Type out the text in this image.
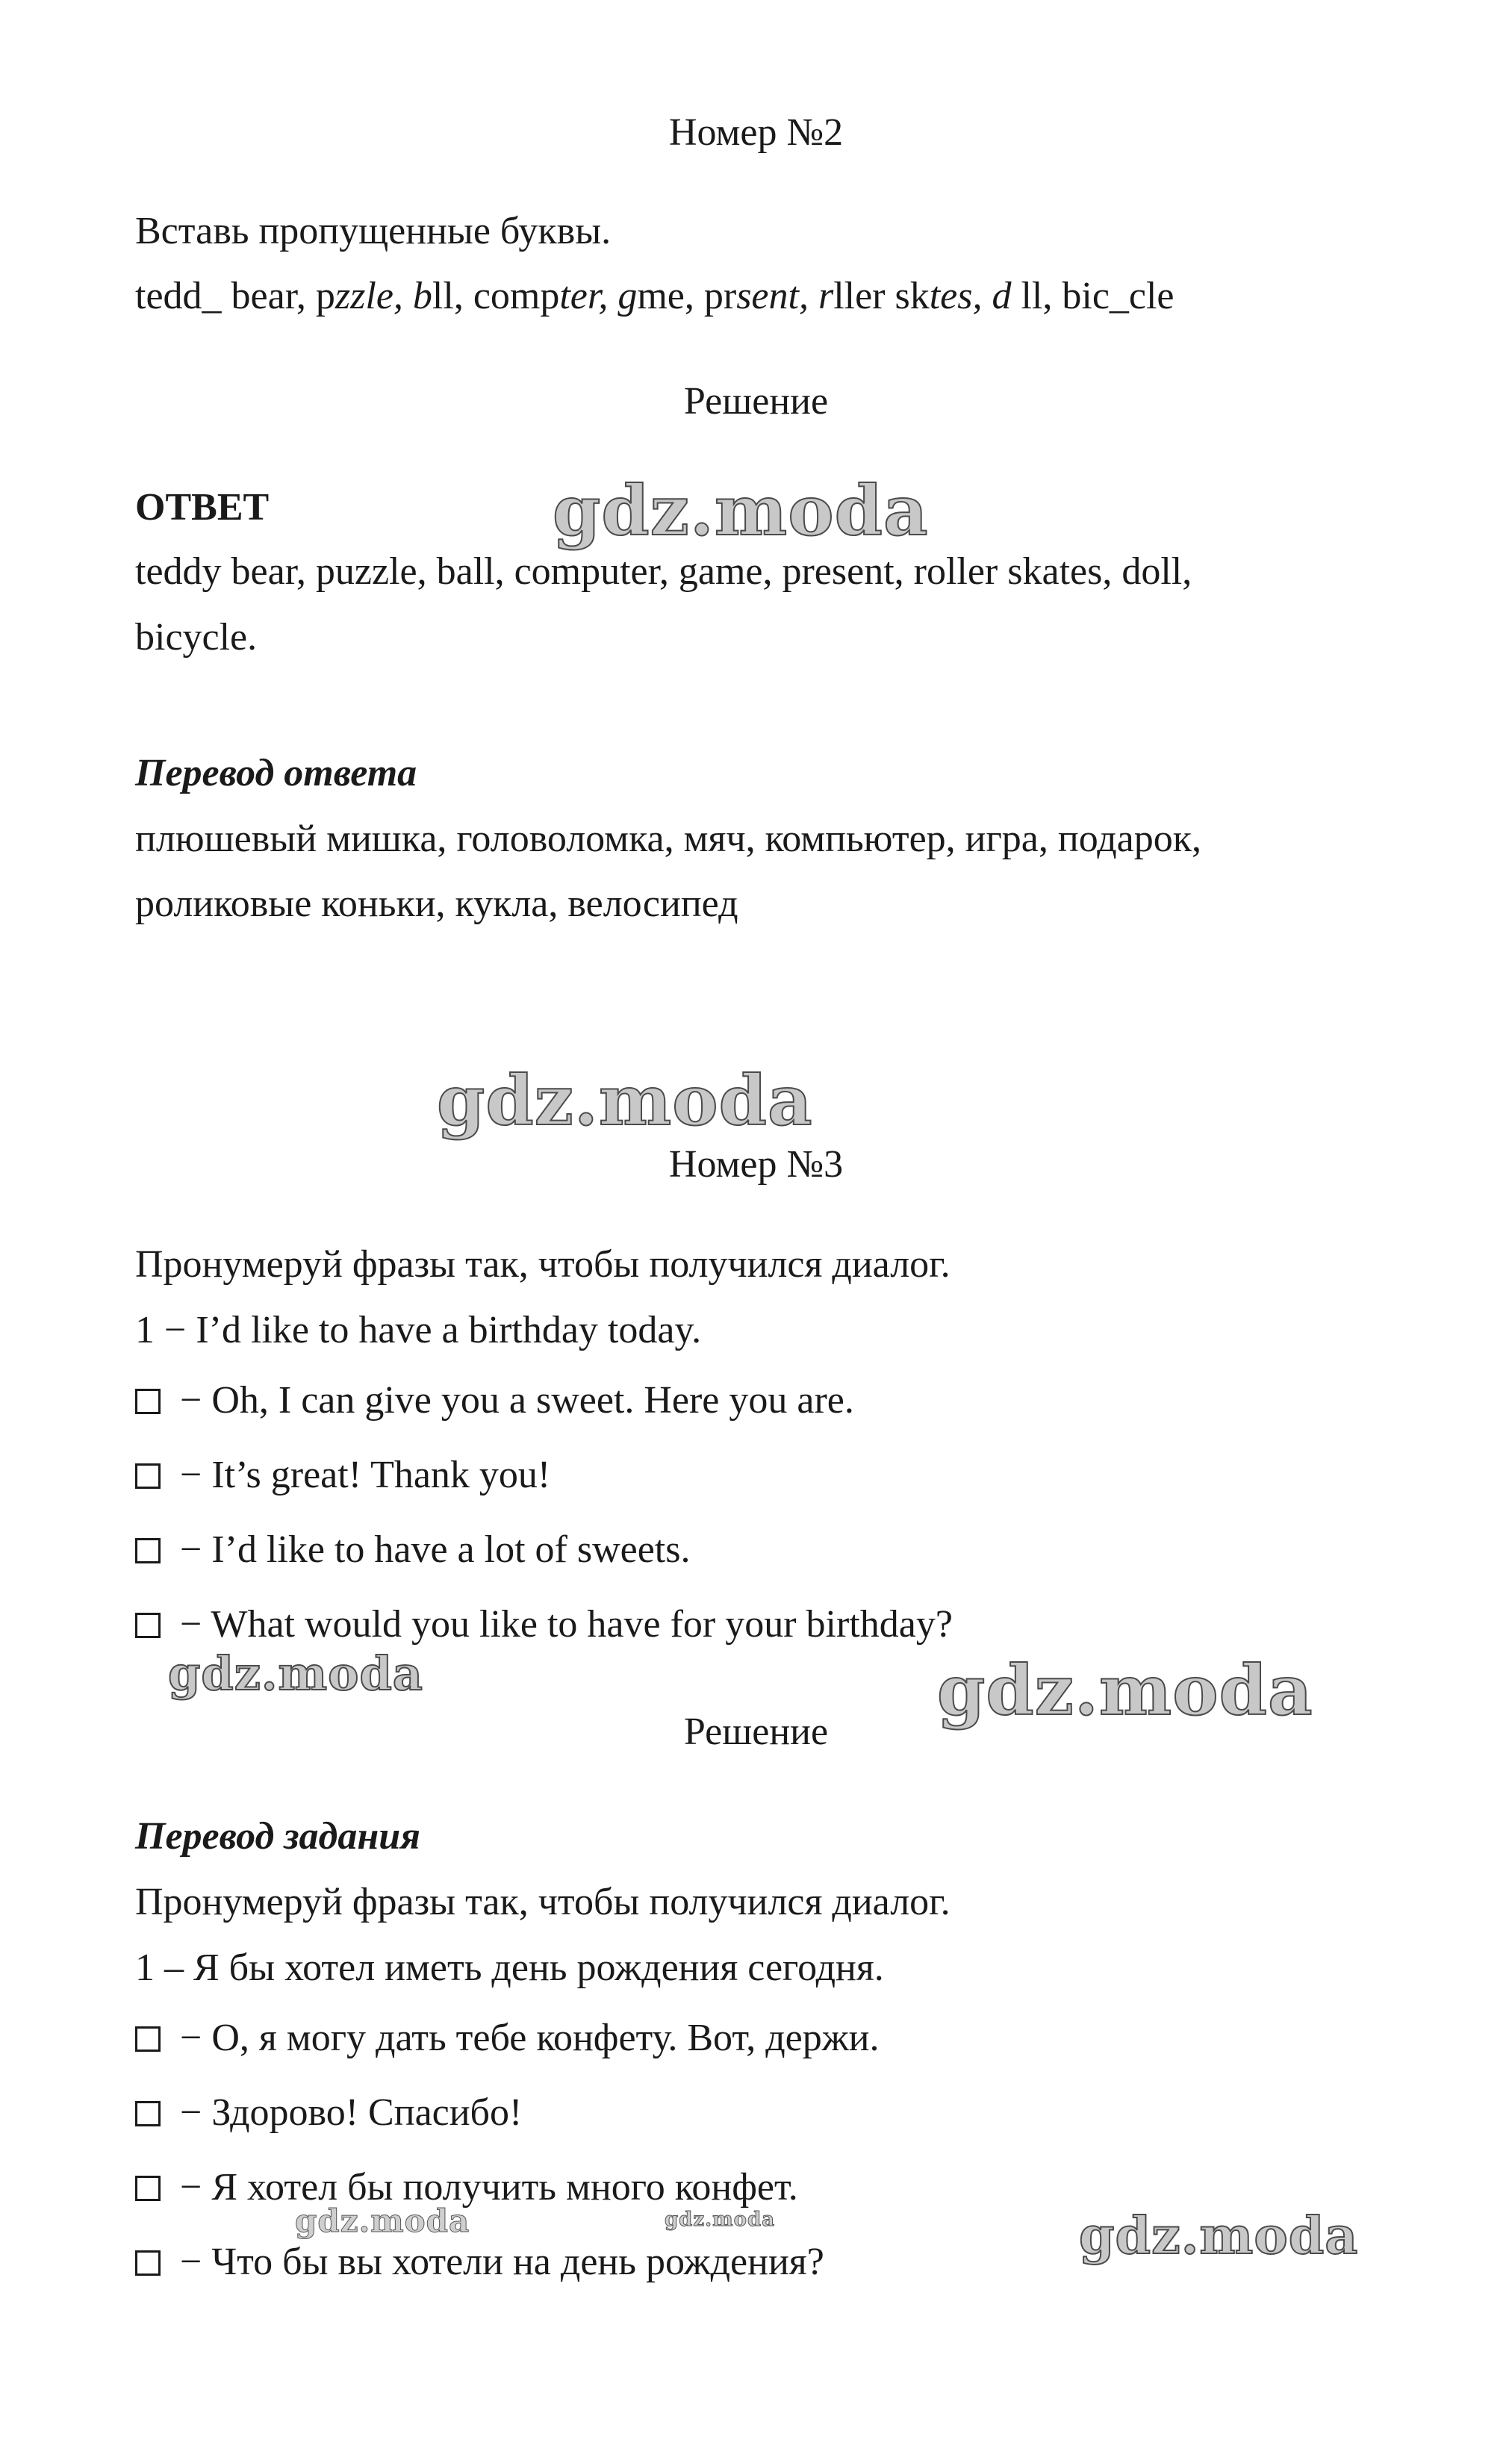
Номер №2

Вставь пропущенные буквы.

tedd_ bear, pzzle, bll, compter, gme, prsent, rller sktes, d ll, bic_cle

Решение

ОТВЕТ

teddy bear, puzzle, ball, computer, game, present, roller skates, doll,

bicycle.

Перевод ответа

плюшевый мишка, головоломка, мяч, компьютер, игра, подарок,

роликовые коньки, кукла, велосипед

Номер №3

Пронумеруй фразы так, чтобы получился диалог.

1 − I’d like to have a birthday today.

− Oh, I can give you a sweet. Here you are.

− It’s great! Thank you!

− I’d like to have a lot of sweets.

− What would you like to have for your birthday?

Решение

Перевод задания

Пронумеруй фразы так, чтобы получился диалог.

1 – Я бы хотел иметь день рождения сегодня.

− О, я могу дать тебе конфету. Вот, держи.

− Здорово! Спасибо!

− Я хотел бы получить много конфет.

− Что бы вы хотели на день рождения?

gdz.moda
gdz.moda
gdz.moda	gdz.moda
gdz.moda	gdz.moda	gdz.moda
